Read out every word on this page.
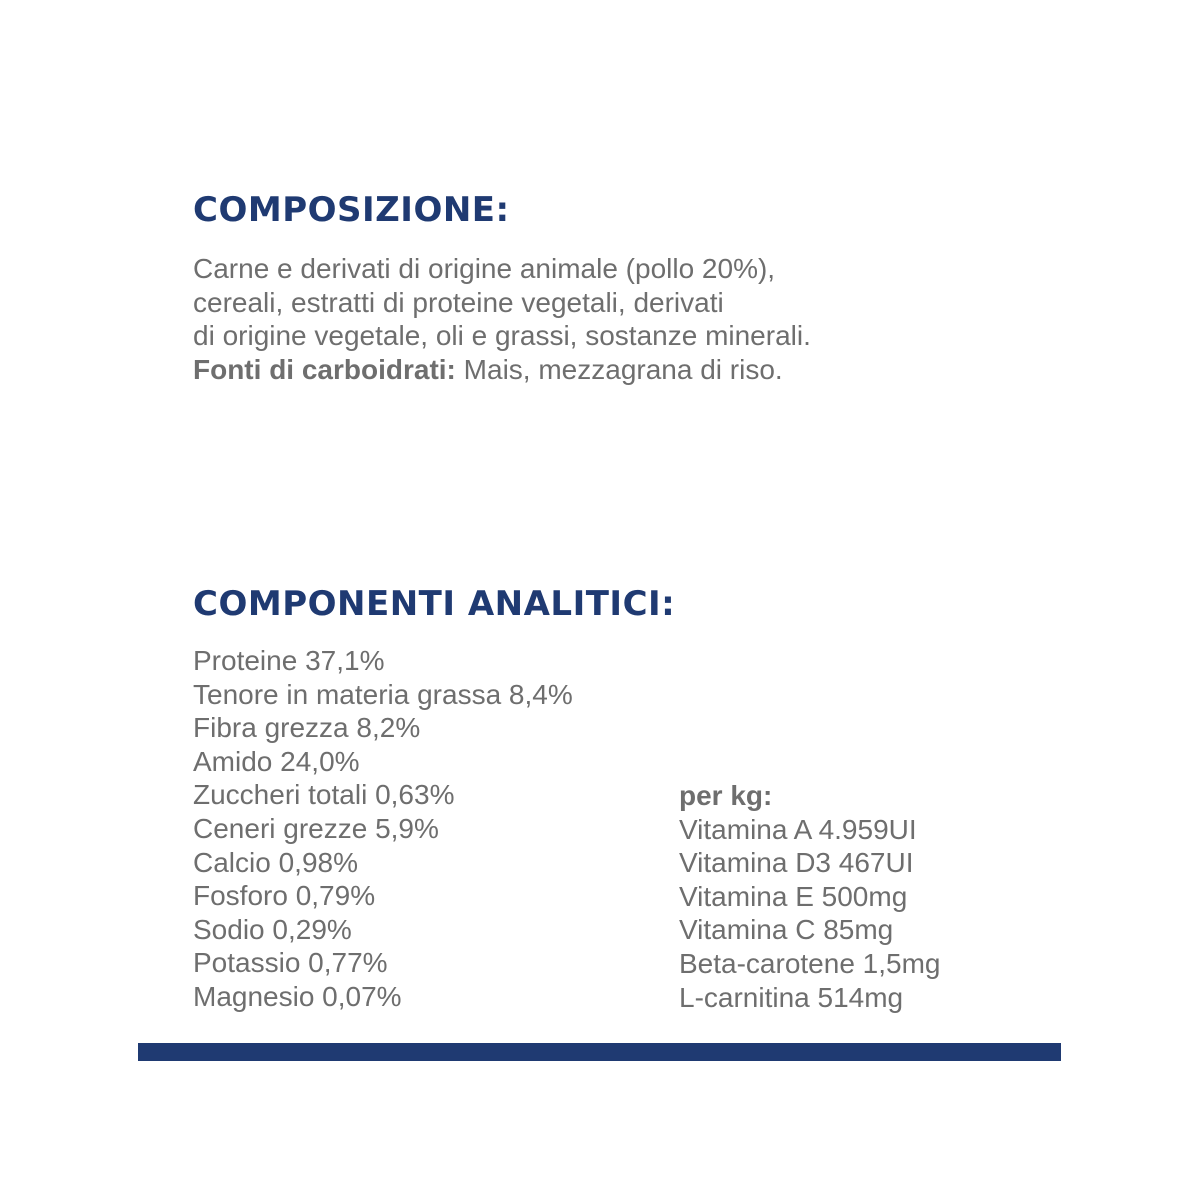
COMPOSIZIONE:
Carne e derivati di origine animale (pollo 20%),
cereali, estratti di proteine vegetali, derivati
di origine vegetale, oli e grassi, sostanze minerali.
Fonti di carboidrati: Mais, mezzagrana di riso.
COMPONENTI ANALITICI:
Proteine 37,1%
Tenore in materia grassa 8,4%
Fibra grezza 8,2%
Amido 24,0%
Zuccheri totali 0,63%
Ceneri grezze 5,9%
Calcio 0,98%
Fosforo 0,79%
Sodio 0,29%
Potassio 0,77%
Magnesio 0,07%
per kg:
Vitamina A 4.959UI
Vitamina D3 467UI
Vitamina E 500mg
Vitamina C 85mg
Beta-carotene 1,5mg
L-carnitina 514mg
